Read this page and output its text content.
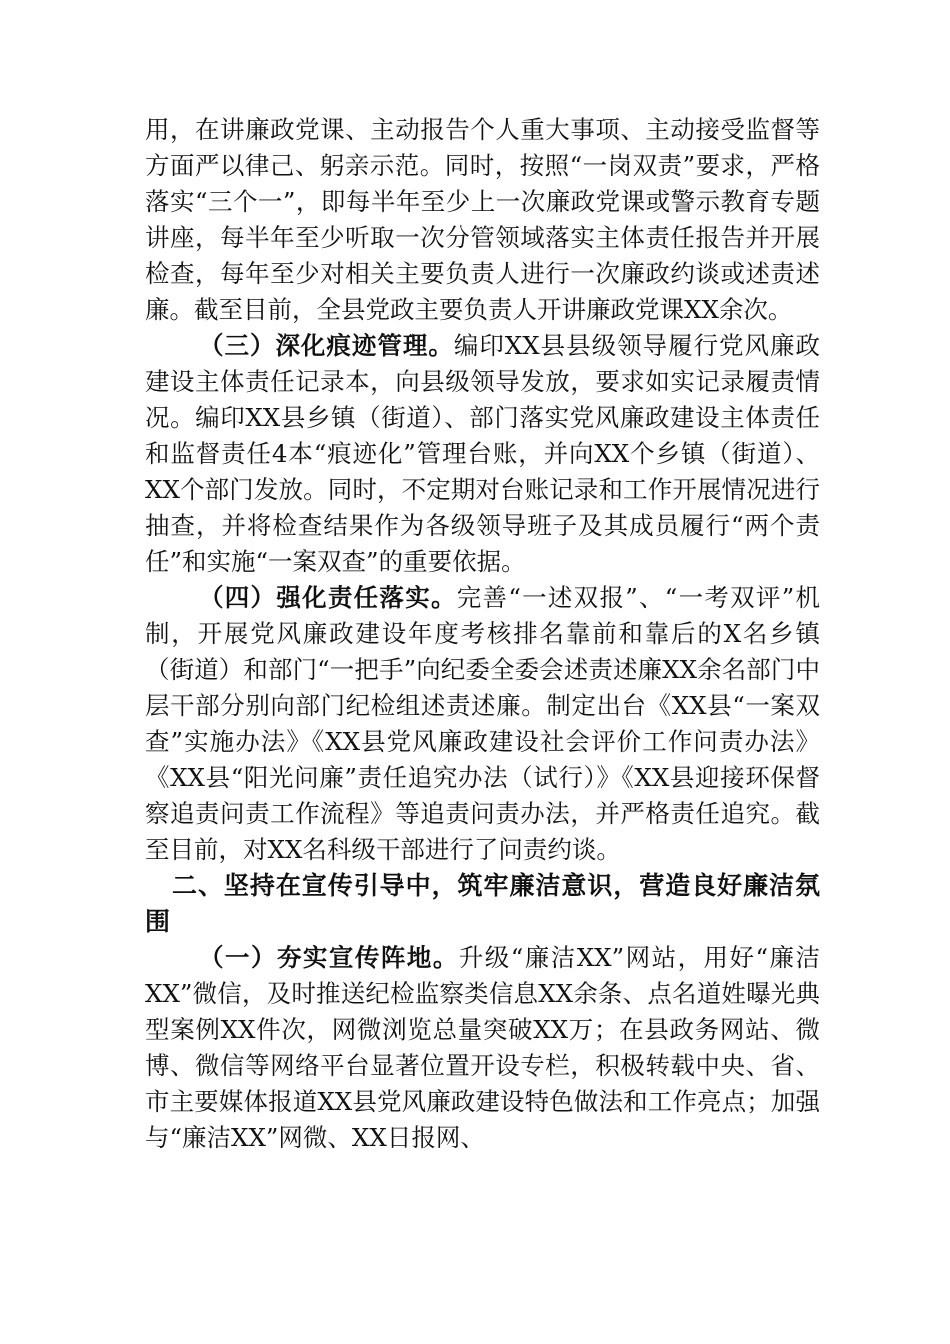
用，在讲廉政党课、主动报告个人重大事项、主动接受监督等方面严以律己、躬亲示范。同时，按照“一岗双责”要求，严格落实“三个一”，即每半年至少上一次廉政党课或警示教育专题讲座，每半年至少听取一次分管领域落实主体责任报告并开展检查，每年至少对相关主要负责人进行一次廉政约谈或述责述廉。截至目前，全县党政主要负责人开讲廉政党课XX余次。

（三）深化痕迹管理。编印XX县县级领导履行党风廉政建设主体责任记录本，向县级领导发放，要求如实记录履责情况。编印XX县乡镇（街道）、部门落实党风廉政建设主体责任和监督责任4本“痕迹化”管理台账，并向XX个乡镇（街道）、XX个部门发放。同时，不定期对台账记录和工作开展情况进行抽查，并将检查结果作为各级领导班子及其成员履行“两个责任”和实施“一案双查”的重要依据。

（四）强化责任落实。完善“一述双报”、“一考双评”机制，开展党风廉政建设年度考核排名靠前和靠后的X名乡镇（街道）和部门“一把手”向纪委全委会述责述廉XX余名部门中层干部分别向部门纪检组述责述廉。制定出台《XX县“一案双查”实施办法》《XX县党风廉政建设社会评价工作问责办法》《XX县“阳光问廉”责任追究办法（试行）》《XX县迎接环保督察追责问责工作流程》等追责问责办法，并严格责任追究。截至目前，对XX名科级干部进行了问责约谈。

二、坚持在宣传引导中，筑牢廉洁意识，营造良好廉洁氛围

（一）夯实宣传阵地。升级“廉洁XX”网站，用好“廉洁XX”微信，及时推送纪检监察类信息XX余条、点名道姓曝光典型案例XX件次，网微浏览总量突破XX万；在县政务网站、微博、微信等网络平台显著位置开设专栏，积极转载中央、省、市主要媒体报道XX县党风廉政建设特色做法和工作亮点；加强与“廉洁XX”网微、XX日报网、
